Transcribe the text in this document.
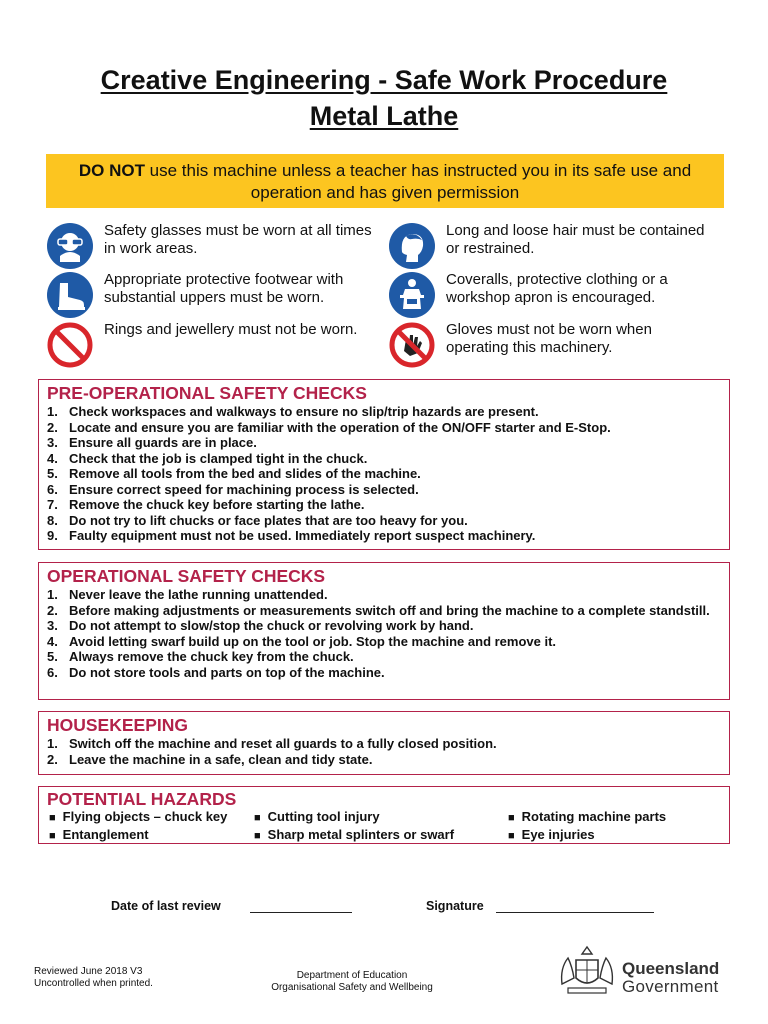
Creative Engineering - Safe Work Procedure
Metal Lathe
DO NOT use this machine unless a teacher has instructed you in its safe use and operation and has given permission
Safety glasses must be worn at all times in work areas.
Long and loose hair must be contained or restrained.
Appropriate protective footwear with substantial uppers must be worn.
Coveralls, protective clothing or a workshop apron is encouraged.
Rings and jewellery must not be worn.	Gloves must not be worn when operating this machinery.
PRE-OPERATIONAL SAFETY CHECKS
1. Check workspaces and walkways to ensure no slip/trip hazards are present.
2. Locate and ensure you are familiar with the operation of the ON/OFF starter and E-Stop.
3. Ensure all guards are in place.
4. Check that the job is clamped tight in the chuck.
5. Remove all tools from the bed and slides of the machine.
6. Ensure correct speed for machining process is selected.
7. Remove the chuck key before starting the lathe.
8. Do not try to lift chucks or face plates that are too heavy for you.
9. Faulty equipment must not be used. Immediately report suspect machinery.
OPERATIONAL SAFETY CHECKS
1. Never leave the lathe running unattended.
2. Before making adjustments or measurements switch off and bring the machine to a complete standstill.
3. Do not attempt to slow/stop the chuck or revolving work by hand.
4. Avoid letting swarf build up on the tool or job. Stop the machine and remove it.
5. Always remove the chuck key from the chuck.
6. Do not store tools and parts on top of the machine.
HOUSEKEEPING
1. Switch off the machine and reset all guards to a fully closed position.
2. Leave the machine in a safe, clean and tidy state.
POTENTIAL HAZARDS
■ Flying objects – chuck key	■ Cutting tool injury	■ Rotating machine parts
■ Entanglement	■ Sharp metal splinters or swarf	■ Eye injuries
Date of last review	Signature
Reviewed June 2018 V3
Uncontrolled when printed.
Department of Education
Organisational Safety and Wellbeing
Queensland
Government
